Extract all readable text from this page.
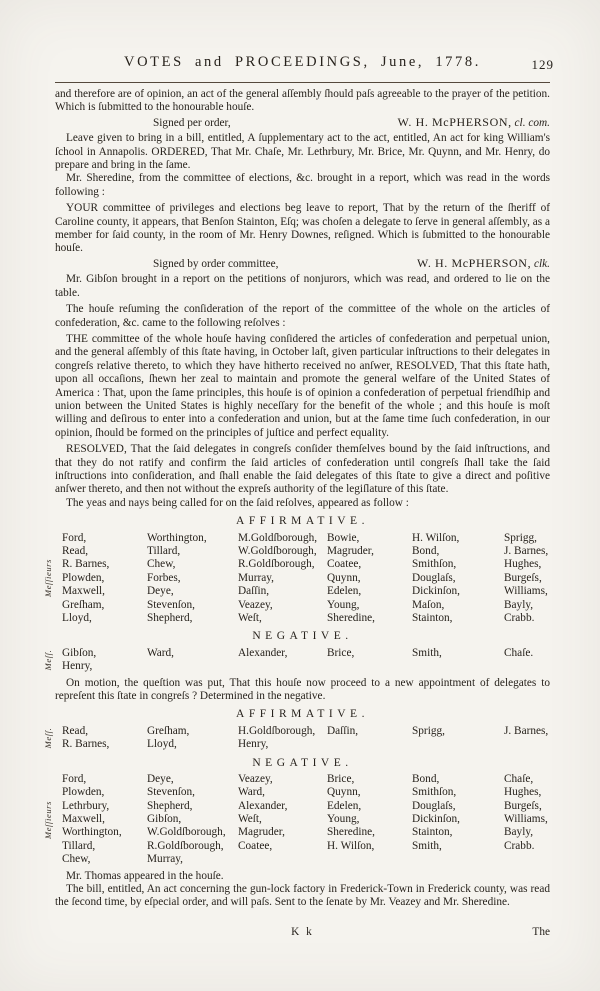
VOTES and PROCEEDINGS, June, 1778.	129

and therefore are of opinion, an act of the general aſſembly ſhould paſs agreeable to the prayer of the petition. Which is ſubmitted to the honourable houſe.

Signed per order,	W. H. McPHERSON, cl. com.

Leave given to bring in a bill, entitled, A ſupplementary act to the act, entitled, An act for king William's ſchool in Annapolis. ORDERED, That Mr. Chaſe, Mr. Lethrbury, Mr. Brice, Mr. Quynn, and Mr. Henry, do prepare and bring in the ſame.

Mr. Sheredine, from the committee of elections, &c. brought in a report, which was read in the words following :

YOUR committee of privileges and elections beg leave to report, That by the return of the ſheriff of Caroline county, it appears, that Benſon Stainton, Eſq; was choſen a delegate to ſerve in general aſſembly, as a member for ſaid county, in the room of Mr. Henry Downes, reſigned. Which is ſubmitted to the honourable houſe.

Signed by order committee,	W. H. McPHERSON, clk.

Mr. Gibſon brought in a report on the petitions of nonjurors, which was read, and ordered to lie on the table.

The houſe reſuming the conſideration of the report of the committee of the whole on the articles of confederation, &c. came to the following reſolves :

THE committee of the whole houſe having conſidered the articles of confederation and perpetual union, and the general aſſembly of this ſtate having, in October laſt, given particular inſtructions to their delegates in congreſs relative thereto, to which they have hitherto received no anſwer, RESOLVED, That this ſtate hath, upon all occaſions, ſhewn her zeal to maintain and promote the general welfare of the United States of America : That, upon the ſame principles, this houſe is of opinion a confederation of perpetual friendſhip and union between the United States is highly neceſſary for the benefit of the whole ; and this houſe is moſt willing and deſirous to enter into a confederation and union, but at the ſame time ſuch confederation, in our opinion, ſhould be formed on the principles of juſtice and perfect equality.

RESOLVED, That the ſaid delegates in congreſs conſider themſelves bound by the ſaid inſtructions, and that they do not ratify and confirm the ſaid articles of confederation until congreſs ſhall take the ſaid inſtructions into conſideration, and ſhall enable the ſaid delegates of this ſtate to give a direct and poſitive anſwer thereto, and then not without the expreſs authority of the legiſlature of this ſtate.

The yeas and nays being called for on the ſaid reſolves, appeared as follow :

AFFIRMATIVE.
Meſſieurs
Ford,	Worthington,	M.Goldſborough, Bowie,	H. Wilſon,	Sprigg,
Read,	Tillard,	W.Goldſborough, Magruder,	Bond,	J. Barnes,
R. Barnes,	Chew,	R.Goldſborough,	Coatee,	Smithſon,	Hughes,
Plowden,	Forbes,	Murray,	Quynn,	Douglaſs,	Burgeſs,
Maxwell,	Deye,	Daſſin,	Edelen,	Dickinſon,	Williams,
Greſham,	Stevenſon,	Veazey,	Young,	Maſon,	Bayly,
Lloyd,	Shepherd,	Weſt,	Sheredine,	Stainton,	Crabb.
NEGATIVE.
Meſſ. Gibſon,	Ward,	Alexander,	Brice,	Smith,	Chaſe.
Henry,

On motion, the queſtion was put, That this houſe now proceed to a new appointment of delegates to repreſent this ſtate in congreſs ? Determined in the negative.

AFFIRMATIVE.
Meſſ. Read,	Greſham,	H.Goldſborough,	Daſſin,	Sprigg,	J. Barnes,
R. Barnes,	Lloyd,	Henry,
NEGATIVE.
Meſſieurs
Ford,	Deye,	Veazey,	Brice,	Bond,	Chaſe,
Plowden,	Stevenſon,	Ward,	Quynn,	Smithſon,	Hughes,
Lethrbury,	Shepherd,	Alexander,	Edelen,	Douglaſs,	Burgeſs,
Maxwell,	Gibſon,	Weſt,	Young,	Dickinſon,	Williams,
Worthington,	W.Goldſborough,	Magruder,	Sheredine,	Stainton,	Bayly,
Tillard,	R.Goldſborough,	Coatee,	H. Wilſon,	Smith,	Crabb.
Chew,	Murray,

Mr. Thomas appeared in the houſe.

The bill, entitled, An act concerning the gun-lock factory in Frederick-Town in Frederick county, was read the ſecond time, by eſpecial order, and will paſs. Sent to the ſenate by Mr. Veazey and Mr. Sheredine.

K k	The
